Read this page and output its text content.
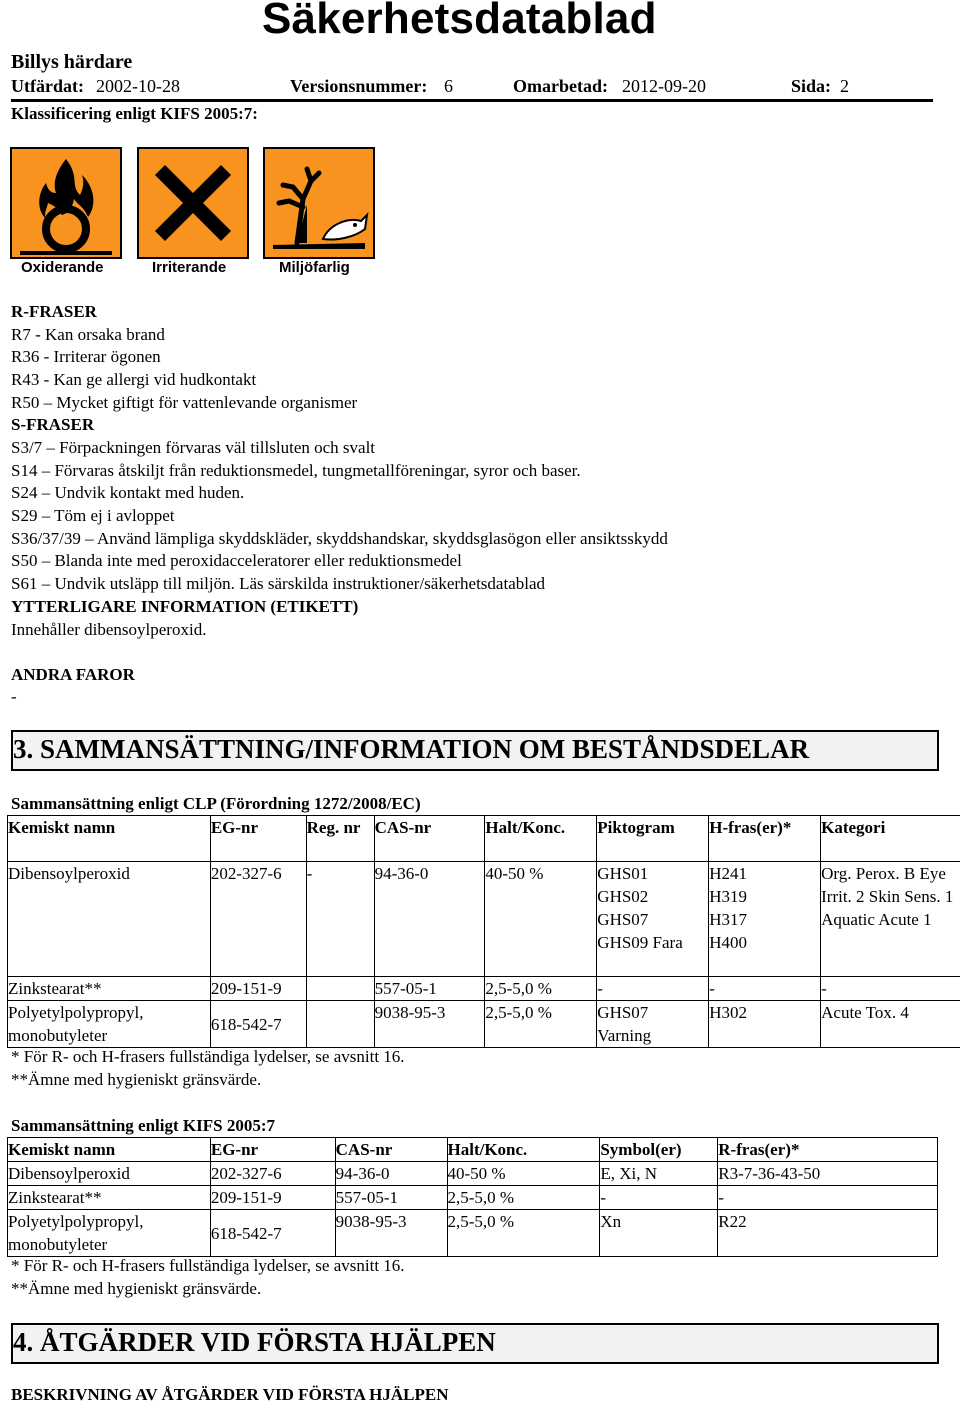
Säkerhetsdatablad
Billys härdare
Utfärdat: 2002-10-28	Versionsnummer: 6	Omarbetad: 2012-09-20	Sida: 2
Klassificering enligt KIFS 2005:7:
Oxiderande	Irriterande	Miljöfarlig
R-FRASER
R7 - Kan orsaka brand
R36 - Irriterar ögonen
R43 - Kan ge allergi vid hudkontakt
R50 – Mycket giftigt för vattenlevande organismer
S-FRASER
S3/7 – Förpackningen förvaras väl tillsluten och svalt
S14 – Förvaras åtskiljt från reduktionsmedel, tungmetallföreningar, syror och baser.
S24 – Undvik kontakt med huden.
S29 – Töm ej i avloppet
S36/37/39 – Använd lämpliga skyddskläder, skyddshandskar, skyddsglasögon eller ansiktsskydd
S50 – Blanda inte med peroxidacceleratorer eller reduktionsmedel
S61 – Undvik utsläpp till miljön. Läs särskilda instruktioner/säkerhetsdatablad
YTTERLIGARE INFORMATION (ETIKETT)
Innehåller dibensoylperoxid.
ANDRA FAROR
-
3. SAMMANSÄTTNING/INFORMATION OM BESTÅNDSDELAR
Sammansättning enligt CLP (Förordning 1272/2008/EC)
Kemiskt namn	EG-nr	Reg. nr	CAS-nr	Halt/Konc.	Piktogram	H-fras(er)*	Kategori
Dibensoylperoxid	202-327-6	-	94-36-0	40-50 %	GHS01 GHS02 GHS07 GHS09 Fara	H241 H319 H317 H400	Org. Perox. B Eye Irrit. 2 Skin Sens. 1 Aquatic Acute 1
Zinkstearat**	209-151-9		557-05-1	2,5-5,0 %	-	-	-
Polyetylpolypropyl, monobutyleter	618-542-7		9038-95-3	2,5-5,0 %	GHS07 Varning	H302	Acute Tox. 4
* För R- och H-frasers fullständiga lydelser, se avsnitt 16.
**Ämne med hygieniskt gränsvärde.
Sammansättning enligt KIFS 2005:7
Kemiskt namn	EG-nr	CAS-nr	Halt/Konc.	Symbol(er)	R-fras(er)*
Dibensoylperoxid	202-327-6	94-36-0	40-50 %	E, Xi, N	R3-7-36-43-50
Zinkstearat**	209-151-9	557-05-1	2,5-5,0 %	-	-
Polyetylpolypropyl, monobutyleter	618-542-7	9038-95-3	2,5-5,0 %	Xn	R22
* För R- och H-frasers fullständiga lydelser, se avsnitt 16.
**Ämne med hygieniskt gränsvärde.
4. ÅTGÄRDER VID FÖRSTA HJÄLPEN
BESKRIVNING AV ÅTGÄRDER VID FÖRSTA HJÄLPEN
